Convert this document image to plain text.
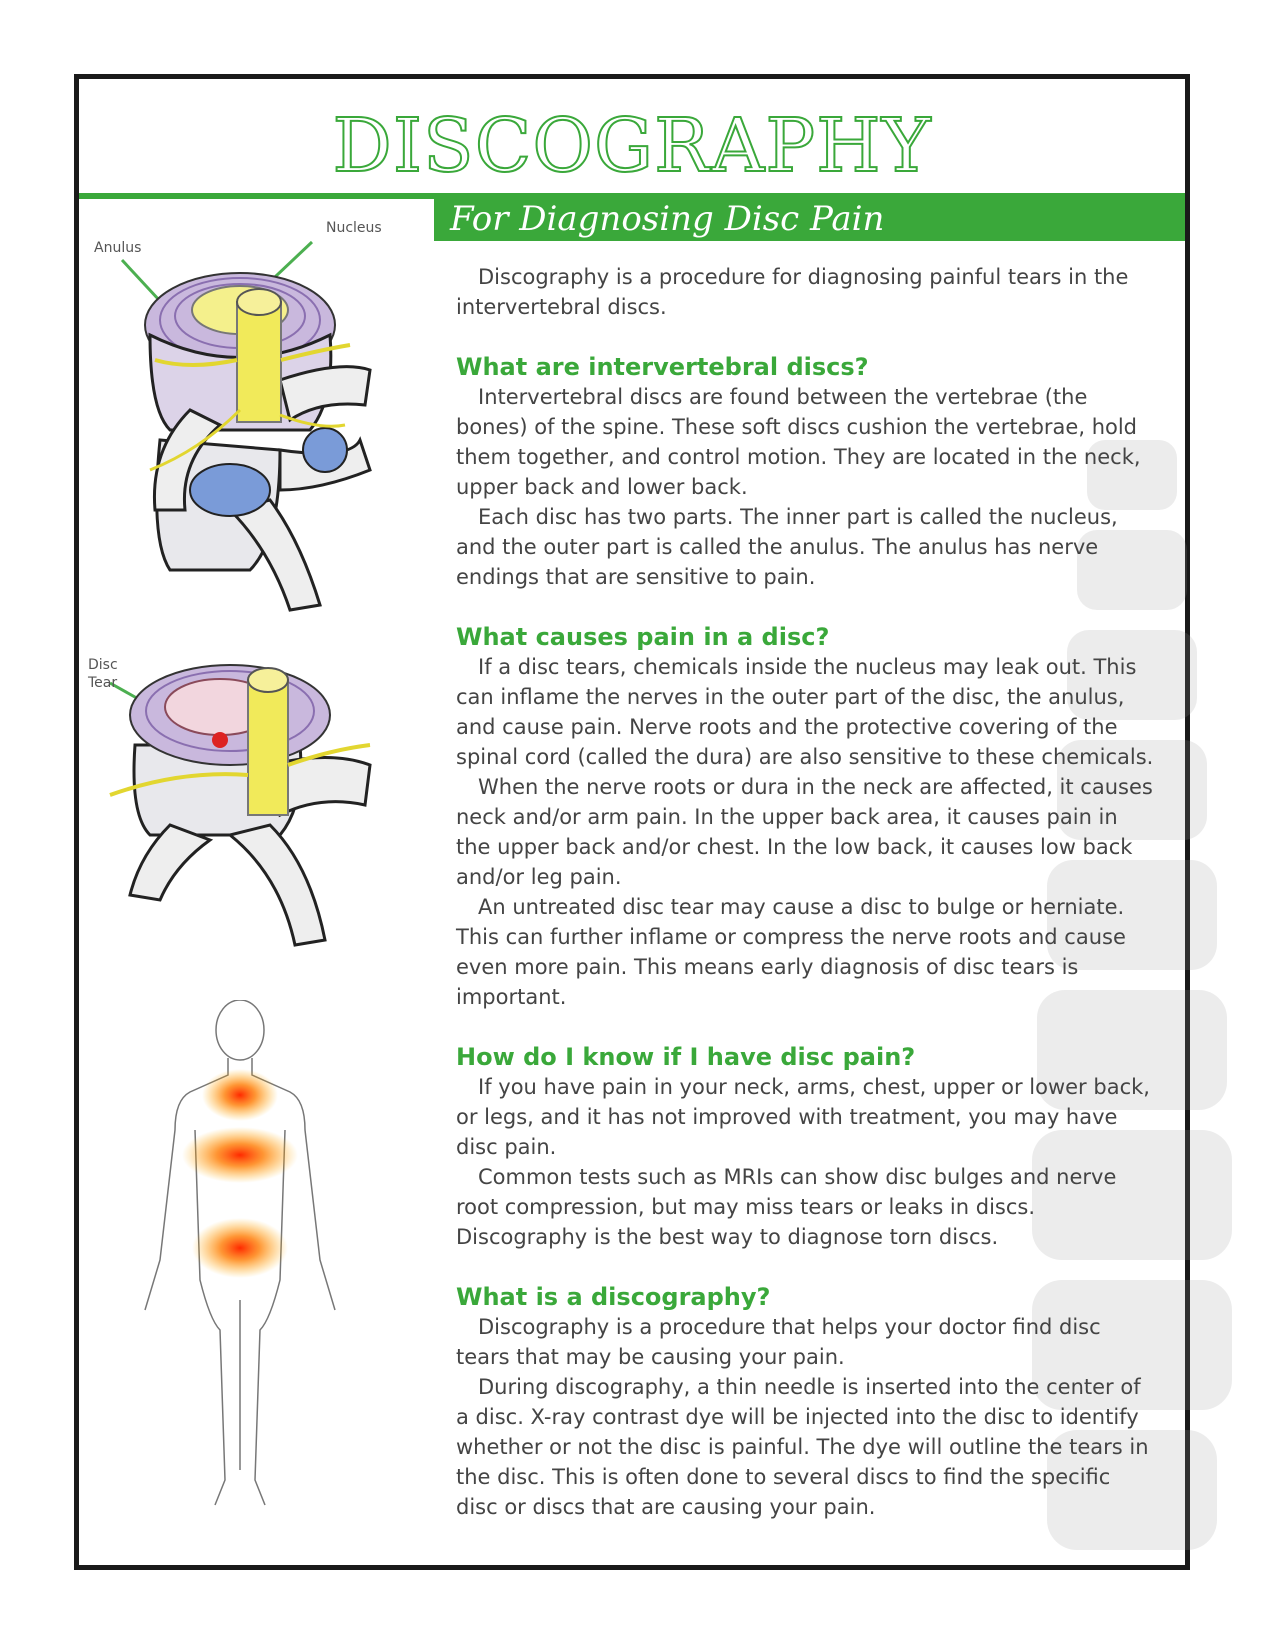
DISCOGRAPHY
For Diagnosing Disc Pain
Anulus
Nucleus
Disc
Tear

Discography is a procedure for diagnosing painful tears in the intervertebral discs.

What are intervertebral discs?

Intervertebral discs are found between the vertebrae (the bones) of the spine. These soft discs cushion the vertebrae, hold them together, and control motion. They are located in the neck, upper back and lower back.

Each disc has two parts. The inner part is called the nucleus, and the outer part is called the anulus. The anulus has nerve endings that are sensitive to pain.

What causes pain in a disc?

If a disc tears, chemicals inside the nucleus may leak out. This can inflame the nerves in the outer part of the disc, the anulus, and cause pain. Nerve roots and the protective covering of the spinal cord (called the dura) are also sensitive to these chemicals.

When the nerve roots or dura in the neck are affected, it causes neck and/or arm pain. In the upper back area, it causes pain in the upper back and/or chest. In the low back, it causes low back and/or leg pain.

An untreated disc tear may cause a disc to bulge or herniate. This can further inflame or compress the nerve roots and cause even more pain. This means early diagnosis of disc tears is important.

How do I know if I have disc pain?

If you have pain in your neck, arms, chest, upper or lower back, or legs, and it has not improved with treatment, you may have disc pain.

Common tests such as MRIs can show disc bulges and nerve root compression, but may miss tears or leaks in discs. Discography is the best way to diagnose torn discs.

What is a discography?

Discography is a procedure that helps your doctor find disc tears that may be causing your pain.

During discography, a thin needle is inserted into the center of a disc. X-ray contrast dye will be injected into the disc to identify whether or not the disc is painful. The dye will outline the tears in the disc. This is often done to several discs to find the specific disc or discs that are causing your pain.
